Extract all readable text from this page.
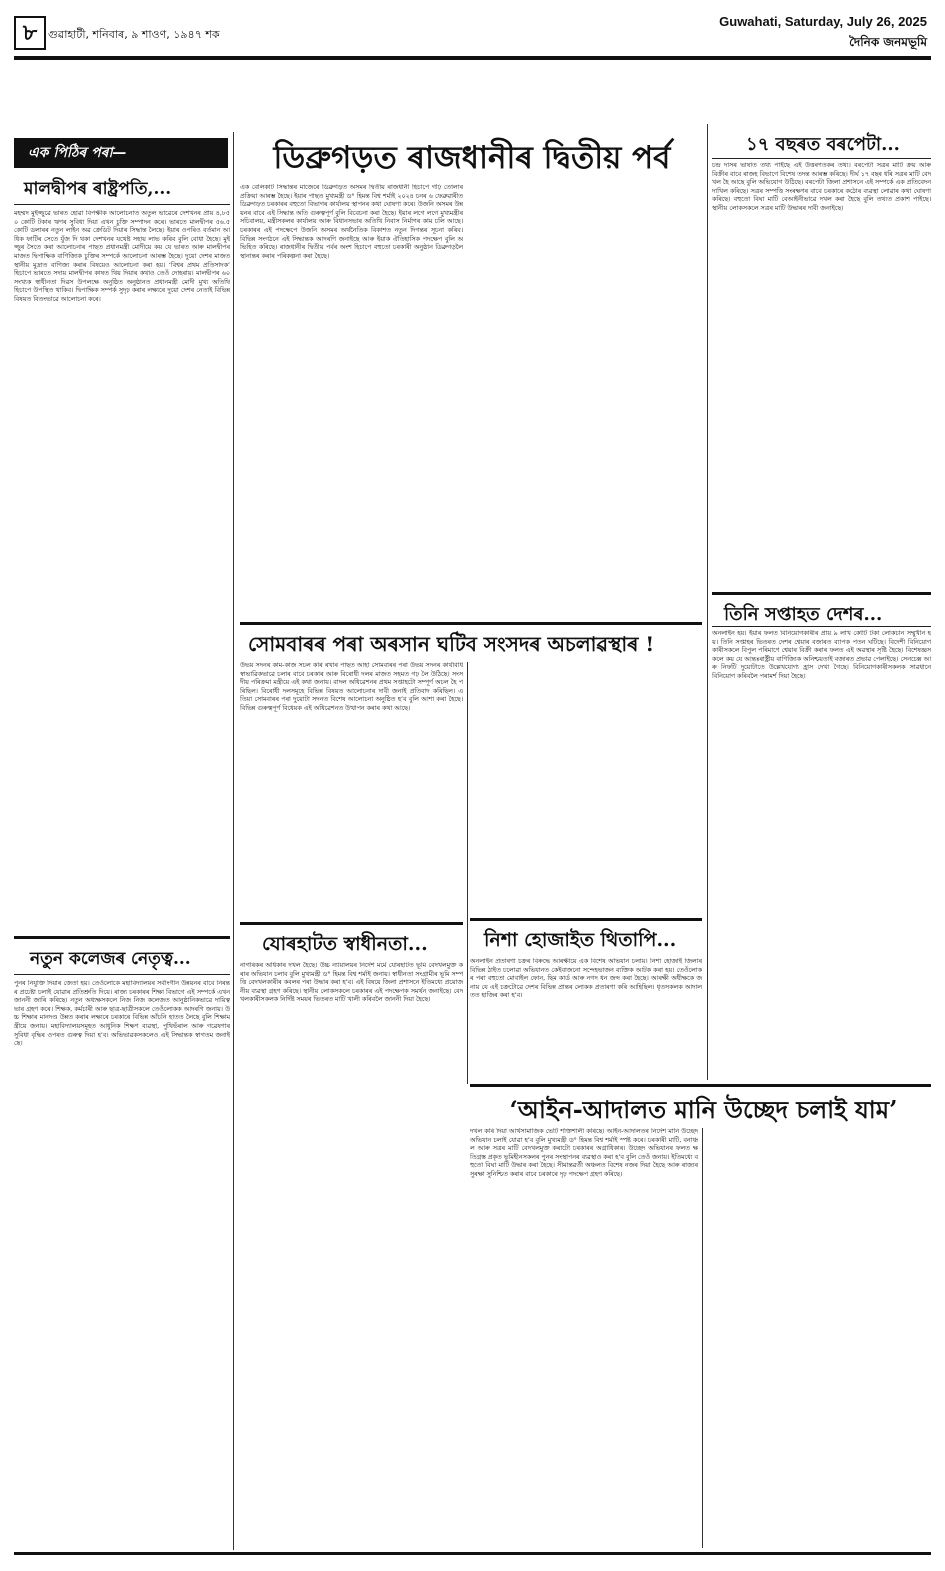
৮ গুৱাহাটী, শনিবাৰ, ৯ শাওণ, ১৯৪৭ শক
Guwahati, Saturday, July 26, 2025
দৈনিক জনমভূমি
এক পিঠিৰ পৰা—
মালদ্বীপৰ ৰাষ্ট্ৰপতি,...
মহম্মদ মুইজ্জুৱে ভাৰত হোৱা বিপক্ষীক আলোচনাত অতুল ভাৱেৰে দেশখনৰ প্ৰায় ৪,৮৫০ কোটি টকাৰ ঋণৰ সুবিধা দিয়া এখন চুক্তি সম্পাদন কৰে। ভাৰতে মালদ্বীপৰ ৫৬.৫ কোটি ডলাৰৰ নতুন লাইন অৱ ক্ৰেডিট দিয়াৰ সিদ্ধান্ত লৈছে। ইয়াৰ ওপৰিও বৰ্তমান আধিক ফাটিৰ সেতে যুঁজ দি থকা দেশখনৰ যথেষ্ট সহায় লাভ কৰিব বুলি বোধা হৈছে। মুইজ্জুৰ সৈতে কৰা আলোচনাৰ পাছত প্ৰধানমন্ত্ৰী মোদীয়ে কয় যে ভাৰত আৰু মালদ্বীপৰ মাজত দ্বিপাক্ষিক বাণিজ্যিক চুক্তিৰ সম্পৰ্কে আলোচনা আৰম্ভ হৈছে। দুয়ো দেশৰ মাজত স্থানীয় মুদ্ৰাত বাণিজ্য কৰাৰ বিষয়েও আলোচনা কৰা হয়। ‘বিশ্বৰ প্ৰথম প্ৰতিসাদক’ হিচাপে ভাৰতে সদায় মালদ্বীপৰ কাষত থিয় দিয়াৰ কথাও তেওঁ দোহৰায়। মালদ্বীপৰ ৬০ সংখ্যক স্বাধীনতা দিৱস উপলক্ষে অনুষ্ঠিত অনুষ্ঠানত প্ৰধানমন্ত্ৰী মোদী মুখ্য অতিথি হিচাপে উপস্থিত থাকিব। দ্বিপাক্ষিক সম্পৰ্ক সুদৃঢ় কৰাৰ লক্ষ্যৰে দুয়ো দেশৰ নেতাই বিভিন্ন বিষয়ত বিতংভাৱে আলোচনা কৰে।
নতুন কলেজৰ নেতৃত্ব...
পুনৰ নিযুক্তি দিয়াৰ জেতা হয়। তেওঁলোকে মহাবিদ্যালয়ৰ সৰ্বাংগীন উন্নয়নৰ বাবে নিৰন্তৰ প্ৰচেষ্টা চলাই যোৱাৰ প্ৰতিশ্ৰুতি দিয়ে। ৰাজ্য চৰকাৰৰ শিক্ষা বিভাগে এই সম্পৰ্কে এখন জাননী জাৰি কৰিছে। নতুন অধ্যক্ষসকলে নিজ নিজ কলেজত আনুষ্ঠানিকভাৱে দায়িত্বভাৰ গ্ৰহণ কৰে। শিক্ষক, কৰ্মচাৰী আৰু ছাত্ৰ-ছাত্ৰীসকলে তেওঁলোকক আদৰণি জনায়। উচ্চ শিক্ষাৰ মানদণ্ড উন্নত কৰাৰ লক্ষ্যৰে চৰকাৰে বিভিন্ন আঁচনি হাতত লৈছে বুলি শিক্ষামন্ত্ৰীয়ে জনায়। মহাবিদ্যালয়সমূহত আধুনিক শিক্ষণ ব্যৱস্থা, পুথিভঁৰাল আৰু গৱেষণাৰ সুবিধা বৃদ্ধিৰ ওপৰত গুৰুত্ব দিয়া হ’ব। অভিভাৱকসকলেও এই সিদ্ধান্তক স্বাগতম জনাইছে।
ডিব্ৰুগড়ত ৰাজধানীৰ দ্বিতীয় পৰ্ব
এক বেলিকাট সিদ্ধান্তৰ মাজেৰে ডিব্ৰুগড়ত অসমৰ দ্বিতীয় ৰাজধানী হিচাপে গঢ়ি তোলাৰ প্ৰক্ৰিয়া আৰম্ভ হৈছে। ইয়াৰ পাছত মুখ্যমন্ত্ৰী ড° হিমন্ত বিশ্ব শৰ্মাই ২০২৪ চনৰ ৬ ফেব্ৰুৱাৰীত ডিব্ৰুগড়ত চৰকাৰৰ বহুতো বিভাগৰ কাৰ্যালয় স্থাপনৰ কথা ঘোষণা কৰে। উজনি অসমৰ উন্নয়নৰ বাবে এই সিদ্ধান্ত অতি গুৰুত্বপূৰ্ণ বুলি বিবেচনা কৰা হৈছে। ইয়াৰ লগে লগে মুখ্যমন্ত্ৰীৰ সচিবালয়, মন্ত্ৰীসকলৰ কাৰ্যালয় আৰু বিধানসভাৰ অতিথি নিবাস নিৰ্মাণৰ কাম চলি আছে। চৰকাৰৰ এই পদক্ষেপে উজনি অসমৰ অৰ্থনৈতিক বিকাশত নতুন দিগন্তৰ সূচনা কৰিব। বিভিন্ন সংগঠনে এই সিদ্ধান্তক আদৰণি জনাইছে আৰু ইয়াক ঐতিহাসিক পদক্ষেপ বুলি অভিহিত কৰিছে। ৰাজধানীৰ দ্বিতীয় পৰ্বৰ অংশ হিচাপে বহুতো চৰকাৰী অনুষ্ঠান ডিব্ৰুগড়লৈ স্থানান্তৰ কৰাৰ পৰিকল্পনা কৰা হৈছে।
সোমবাৰৰ পৰা অৰসান ঘটিব সংসদৰ অচলাৱস্থাৰ !
উভয় সদনৰ কাম-কাজ সচল কৰি ৰখাৰ পাছত আহা সোমবাৰৰ পৰা উভয় সদনৰ কাৰ্যবিধি স্বাভাৱিকভাৱে চলাৰ বাবে চৰকাৰ আৰু বিৰোধী দলৰ মাজত সহমত গঢ় লৈ উঠিছে। সংসদীয় পৰিক্ৰমা মন্ত্ৰীয়ে এই কথা জনায়। বাদল অধিৱেশনৰ প্ৰথম সপ্তাহটো সম্পূৰ্ণ অচল হৈ পৰিছিল। বিৰোধী দলসমূহে বিভিন্ন বিষয়ত আলোচনাৰ দাবী জনাই প্ৰতিবাদ কৰিছিল। এতিয়া সোমবাৰৰ পৰা দুয়োটা সদনত বিশেষ আলোচনা অনুষ্ঠিত হ’ব বুলি আশা কৰা হৈছে। বিভিন্ন গুৰুত্বপূৰ্ণ বিধেয়ক এই অধিৱেশনত উত্থাপন কৰাৰ কথা আছে।
যোৰহাটত স্বাধীনতা...
নাগৰিকৰ অধিকাৰ দখল হৈছে। উচ্চ ন্যায়ালয়ৰ নিৰ্দেশ মৰ্মে যোৰহাটত ভূমি বেদখলমুক্ত কৰাৰ অভিযান চলাব বুলি মুখ্যমন্ত্ৰী ড° হিমন্ত বিশ্ব শৰ্মাই জনায়। স্বাধীনতা সংগ্ৰামীৰ ভূমি সম্পত্তি বেদখলকাৰীৰ কবলৰ পৰা উদ্ধাৰ কৰা হ’ব। এই বিষয়ে জিলা প্ৰশাসনে ইতিমধ্যে প্ৰয়োজনীয় ব্যৱস্থা গ্ৰহণ কৰিছে। স্থানীয় লোকসকলে চৰকাৰৰ এই পদক্ষেপক সমৰ্থন জনাইছে। বেদখলকাৰীসকলক নিৰ্দিষ্ট সময়ৰ ভিতৰত মাটি খালী কৰিবলৈ জাননী দিয়া হৈছে।
নিশা হোজাইত থিতাপি...
অনলাইন প্ৰতাৰণা চক্ৰৰ বিৰুদ্ধে আৰক্ষীয়ে এক বিশেষ অভিযান চলায়। নিশা হোজাই জিলাৰ বিভিন্ন ঠাইত চলোৱা অভিযানত কেইবাজনো সন্দেহভাজন ব্যক্তিক আটক কৰা হয়। তেওঁলোকৰ পৰা বহুতো মোবাইল ফোন, ছিম কাৰ্ড আৰু নগদ ধন জব্দ কৰা হৈছে। আৰক্ষী অধীক্ষকে জনায় যে এই চক্ৰটোৱে দেশৰ বিভিন্ন প্ৰান্তৰ লোকক প্ৰতাৰণা কৰি আহিছিল। ধৃতসকলক আদালতত হাজিৰ কৰা হ’ব।
১৭ বছৰত বৰপেটা...
চন্দ্ৰ দাসৰ ভাষাত তথ্য পাইছে এই উত্তৰণতকৰ তথ্য। বৰপেটা সত্ৰৰ মাটি ক্ৰয় আৰু বিক্ৰীৰ বাবে ৰাজহ বিভাগে বিশেষ তদন্ত আৰম্ভ কৰিছে। দীৰ্ঘ ১৭ বছৰ ধৰি সত্ৰৰ মাটি বেদখল হৈ আছে বুলি অভিযোগ উঠিছে। বৰপেটা জিলা প্ৰশাসনে এই সম্পৰ্কে এক প্ৰতিবেদন দাখিল কৰিছে। সত্ৰৰ সম্পত্তি সংৰক্ষণৰ বাবে চৰকাৰে কঠোৰ ব্যৱস্থা লোৱাৰ কথা ঘোষণা কৰিছে। বহুতো বিঘা মাটি বেআইনীভাৱে দখল কৰা হৈছে বুলি তথ্যত প্ৰকাশ পাইছে। স্থানীয় লোকসকলে সত্ৰৰ মাটি উদ্ধাৰৰ দাবী জনাইছে।
তিনি সপ্তাহত দেশৰ...
অনলাইন হয়। ইয়াৰ ফলত বিনিয়োগকাৰীৰ প্ৰায় ৯ লাখ কোটি টকা লোকচান সম্মুখীন হয়। তিনি সপ্তাহৰ ভিতৰত দেশৰ শ্বেয়াৰ বজাৰত ব্যাপক পতন ঘটিছে। বিদেশী বিনিয়োগকাৰীসকলে বিপুল পৰিমাণে শ্বেয়াৰ বিক্ৰী কৰাৰ ফলত এই অৱস্থাৰ সৃষ্টি হৈছে। বিশেষজ্ঞসকলে কয় যে আন্তঃৰাষ্ট্ৰীয় বাণিজ্যিক অনিশ্চয়তাই বজাৰত প্ৰভাৱ পেলাইছে। সেনচেক্স আৰু নিফটি দুয়োটাতে উল্লেখযোগ্য হ্ৰাস দেখা গৈছে। বিনিয়োগকাৰীসকলক সাৱধানে বিনিয়োগ কৰিবলৈ পৰামৰ্শ দিয়া হৈছে।
‘আইন-আদালত মানি উচ্ছেদ চলাই যাম’
দখল কৰি দিয়া আৰ্থসামাজিক ভেটি শক্তিশালী কৰিছে। আইন-আদালতৰ নিৰ্দেশ মানি উচ্ছেদ অভিযান চলাই যোৱা হ’ব বুলি মুখ্যমন্ত্ৰী ড° হিমন্ত বিশ্ব শৰ্মাই স্পষ্ট কৰে। চৰকাৰী মাটি, বনাঞ্চল আৰু সত্ৰৰ মাটি বেদখলমুক্ত কৰাটো চৰকাৰৰ অগ্ৰাধিকাৰ। উচ্ছেদ অভিযানৰ ফলত ক্ষতিগ্ৰস্ত প্ৰকৃত ভূমিহীনসকলৰ পুনৰ সংস্থাপনৰ ব্যৱস্থাও কৰা হ’ব বুলি তেওঁ জনায়। ইতিমধ্যে বহুতো বিঘা মাটি উদ্ধাৰ কৰা হৈছে। সীমান্তৱৰ্তী অঞ্চলত বিশেষ নজৰ দিয়া হৈছে আৰু ৰাজ্যৰ সুৰক্ষা সুনিশ্চিত কৰাৰ বাবে চৰকাৰে দৃঢ় পদক্ষেপ গ্ৰহণ কৰিছে।
